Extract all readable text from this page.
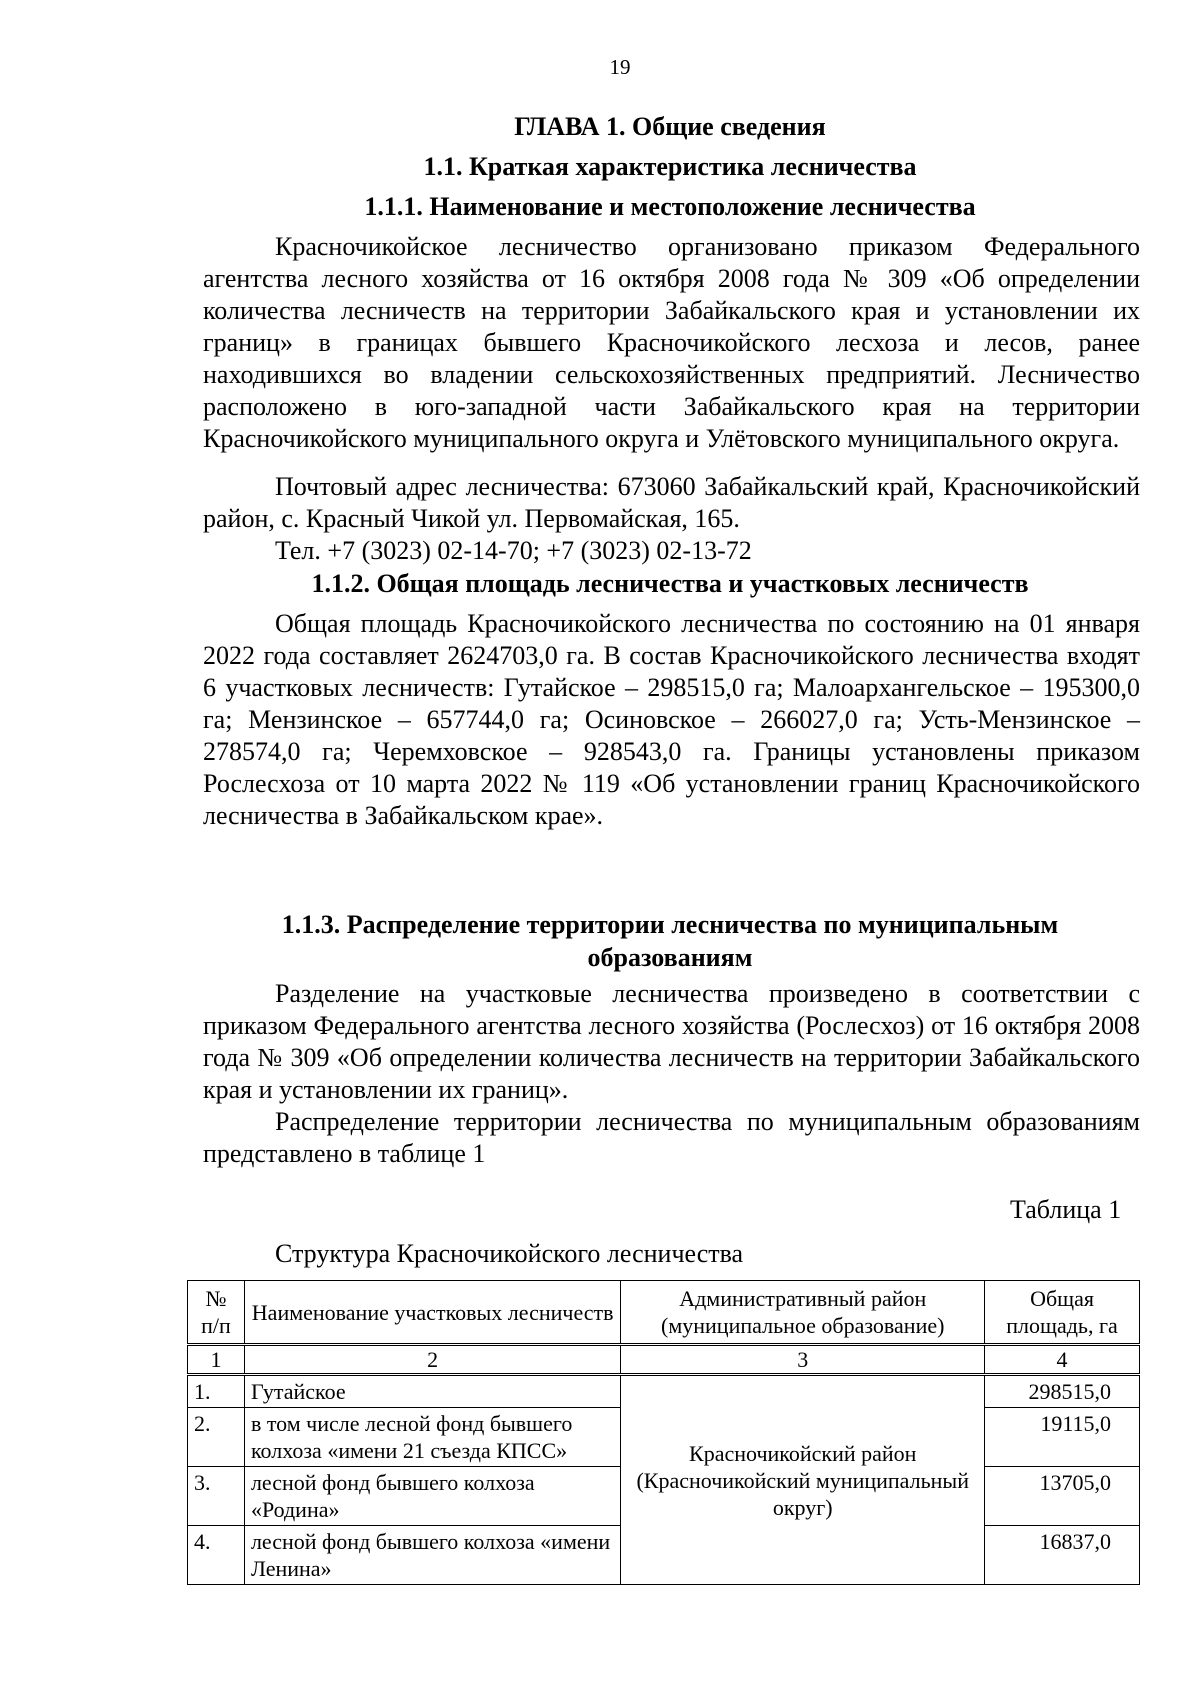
19
ГЛАВА 1. Общие сведения
1.1. Краткая характеристика лесничества
1.1.1. Наименование и местоположение лесничества

Красночикойское лесничество организовано приказом Федерального агентства лесного хозяйства от 16 октября 2008 года № 309 «Об определении количества лесничеств на территории Забайкальского края и установлении их границ» в границах бывшего Красночикойского лесхоза и лесов, ранее находившихся во владении сельскохозяйственных предприятий. Лесничество расположено в юго-западной части Забайкальского края на территории Красночикойского муниципального округа и Улётовского муниципального округа.

Почтовый адрес лесничества: 673060 Забайкальский край, Красночикойский район, с. Красный Чикой ул. Первомайская, 165.

Тел. +7 (3023) 02-14-70; +7 (3023) 02-13-72
1.1.2. Общая площадь лесничества и участковых лесничеств

Общая площадь Красночикойского лесничества по состоянию на 01 января 2022 года составляет 2624703,0 га. В состав Красночикойского лесничества входят 6 участковых лесничеств: Гутайское – 298515,0 га; Малоархангельское – 195300,0 га; Мензинское – 657744,0 га; Осиновское – 266027,0 га; Усть-Мензинское – 278574,0 га; Черемховское – 928543,0 га. Границы установлены приказом Рослесхоза от 10 марта 2022 № 119 «Об установлении границ Красночикойского лесничества в Забайкальском крае».

1.1.3. Распределение территории лесничества по муниципальным образованиям

Разделение на участковые лесничества произведено в соответствии с приказом Федерального агентства лесного хозяйства (Рослесхоз) от 16 октября 2008 года № 309 «Об определении количества лесничеств на территории Забайкальского края и установлении их границ».

Распределение территории лесничества по муниципальным образованиям представлено в таблице 1

Таблица 1
Структура Красночикойского лесничества
№ п/п	Наименование участковых лесничеств	Административный район (муниципальное образование)	Общая площадь, га
1	2	3	4
1.	Гутайское	Красночикойский район (Красночикойский муниципальный округ)	298515,0
2.	в том числе лесной фонд бывшего колхоза «имени 21 съезда КПСС»		19115,0
3.	лесной фонд бывшего колхоза «Родина»		13705,0
4.	лесной фонд бывшего колхоза «имени Ленина»		16837,0
